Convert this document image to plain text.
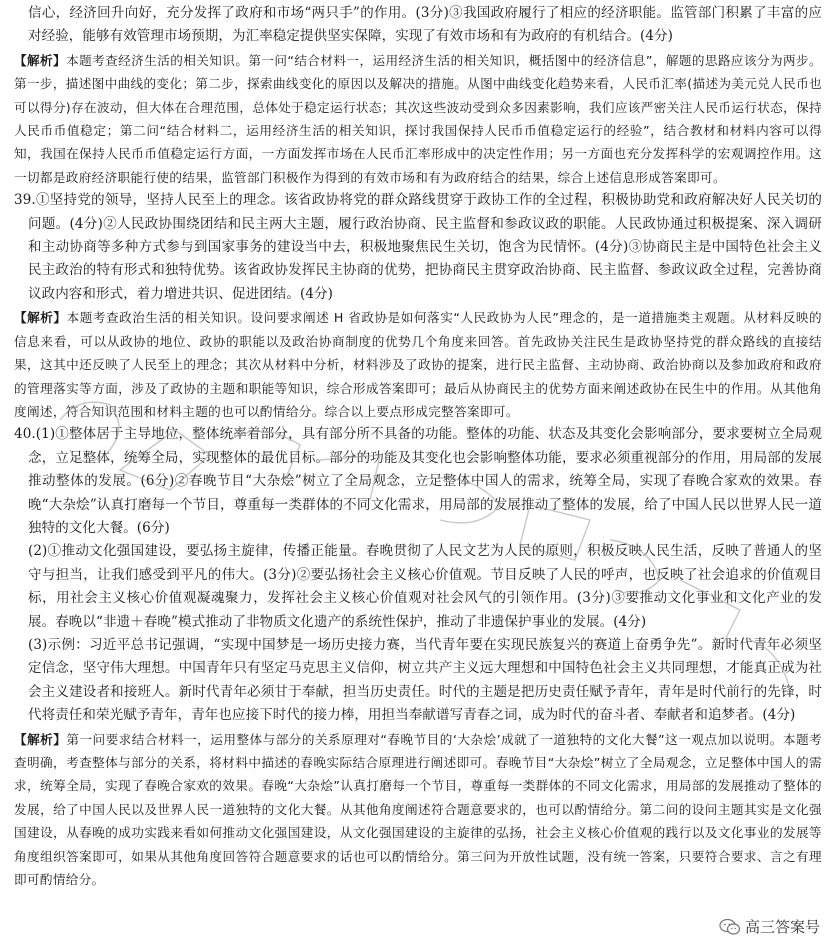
信心，经济回升向好，充分发挥了政府和市场“两只手”的作用。(3分)③我国政府履行了相应的经济职能。监管部门积累了丰富的应对经验，能够有效管理市场预期，为汇率稳定提供坚实保障，实现了有效市场和有为政府的有机结合。(4分)

【解析】本题考查经济生活的相关知识。第一问“结合材料一，运用经济生活的相关知识，概括图中的经济信息”，解题的思路应该分为两步。第一步，描述图中曲线的变化；第二步，探索曲线变化的原因以及解决的措施。从图中曲线变化趋势来看，人民币汇率(描述为美元兑人民币也可以得分)存在波动，但大体在合理范围，总体处于稳定运行状态；其次这些波动受到众多因素影响，我们应该严密关注人民币运行状态，保持人民币币值稳定；第二问“结合材料二，运用经济生活的相关知识，探讨我国保持人民币币值稳定运行的经验”，结合教材和材料内容可以得知，我国在保持人民币币值稳定运行方面，一方面发挥市场在人民币汇率形成中的决定性作用；另一方面也充分发挥科学的宏观调控作用。这一切都是政府经济职能行使的结果，监管部门积极作为得到的有效市场和有为政府结合的结果，综合上述信息形成答案即可。

39.①坚持党的领导，坚持人民至上的理念。该省政协将党的群众路线贯穿于政协工作的全过程，积极协助党和政府解决好人民关切的问题。(4分)②人民政协围绕团结和民主两大主题，履行政治协商、民主监督和参政议政的职能。人民政协通过积极提案、深入调研和主动协商等多种方式参与到国家事务的建设当中去，积极地聚焦民生关切，饱含为民情怀。(4分)③协商民主是中国特色社会主义民主政治的特有形式和独特优势。该省政协发挥民主协商的优势，把协商民主贯穿政治协商、民主监督、参政议政全过程，完善协商议政内容和形式，着力增进共识、促进团结。(4分)

【解析】本题考查政治生活的相关知识。设问要求阐述 H 省政协是如何落实“人民政协为人民”理念的，是一道措施类主观题。从材料反映的信息来看，可以从政协的地位、政协的职能以及政治协商制度的优势几个角度来回答。首先政协关注民生是政协坚持党的群众路线的直接结果，这其中还反映了人民至上的理念；其次从材料中分析，材料涉及了政协的提案，进行民主监督、主动协商、政治协商以及参加政府和政府的管理落实等方面，涉及了政协的主题和职能等知识，综合形成答案即可；最后从协商民主的优势方面来阐述政协在民生中的作用。从其他角度阐述，符合知识范围和材料主题的也可以酌情给分。综合以上要点形成完整答案即可。

40.(1)①整体居于主导地位，整体统率着部分，具有部分所不具备的功能。整体的功能、状态及其变化会影响部分，要求要树立全局观念，立足整体，统筹全局，实现整体的最优目标。部分的功能及其变化也会影响整体功能，要求必须重视部分的作用，用局部的发展推动整体的发展。(6分)②春晚节目“大杂烩”树立了全局观念，立足整体中国人的需求，统筹全局，实现了春晚合家欢的效果。春晚“大杂烩”认真打磨每一个节目，尊重每一类群体的不同文化需求，用局部的发展推动了整体的发展，给了中国人民以世界人民一道独特的文化大餐。(6分)

(2)①推动文化强国建设，要弘扬主旋律，传播正能量。春晚贯彻了人民文艺为人民的原则，积极反映人民生活，反映了普通人的坚守与担当，让我们感受到平凡的伟大。(3分)②要弘扬社会主义核心价值观。节目反映了人民的呼声，也反映了社会追求的价值观目标，用社会主义核心价值观凝魂聚力，发挥社会主义核心价值观对社会风气的引领作用。(3分)③要推动文化事业和文化产业的发展。春晚以“非遗＋春晚”模式推动了非物质文化遗产的系统性保护，推动了非遗保护事业的发展。(4分)

(3)示例：习近平总书记强调，“实现中国梦是一场历史接力赛，当代青年要在实现民族复兴的赛道上奋勇争先”。新时代青年必须坚定信念，坚守伟大理想。中国青年只有坚定马克思主义信仰，树立共产主义远大理想和中国特色社会主义共同理想，才能真正成为社会主义建设者和接班人。新时代青年必须甘于奉献，担当历史责任。时代的主题是把历史责任赋予青年，青年是时代前行的先锋，时代将责任和荣光赋予青年，青年也应接下时代的接力棒，用担当奉献谱写青春之词，成为时代的奋斗者、奉献者和追梦者。(4分)

【解析】第一问要求结合材料一，运用整体与部分的关系原理对“春晚节目的‘大杂烩’成就了一道独特的文化大餐”这一观点加以说明。本题考查明确，考查整体与部分的关系，将材料中描述的春晚实际结合原理进行阐述即可。春晚节目“大杂烩”树立了全局观念，立足整体中国人的需求，统筹全局，实现了春晚合家欢的效果。春晚“大杂烩”认真打磨每一个节目，尊重每一类群体的不同文化需求，用局部的发展推动了整体的发展，给了中国人民以及世界人民一道独特的文化大餐。从其他角度阐述符合题意要求的，也可以酌情给分。第二问的设问主题其实是文化强国建设，从春晚的成功实践来看如何推动文化强国建设，从文化强国建设的主旋律的弘扬，社会主义核心价值观的践行以及文化事业的发展等角度组织答案即可，如果从其他角度回答符合题意要求的话也可以酌情给分。第三问为开放性试题，没有统一答案，只要符合要求、言之有理即可酌情给分。

高三答案号
